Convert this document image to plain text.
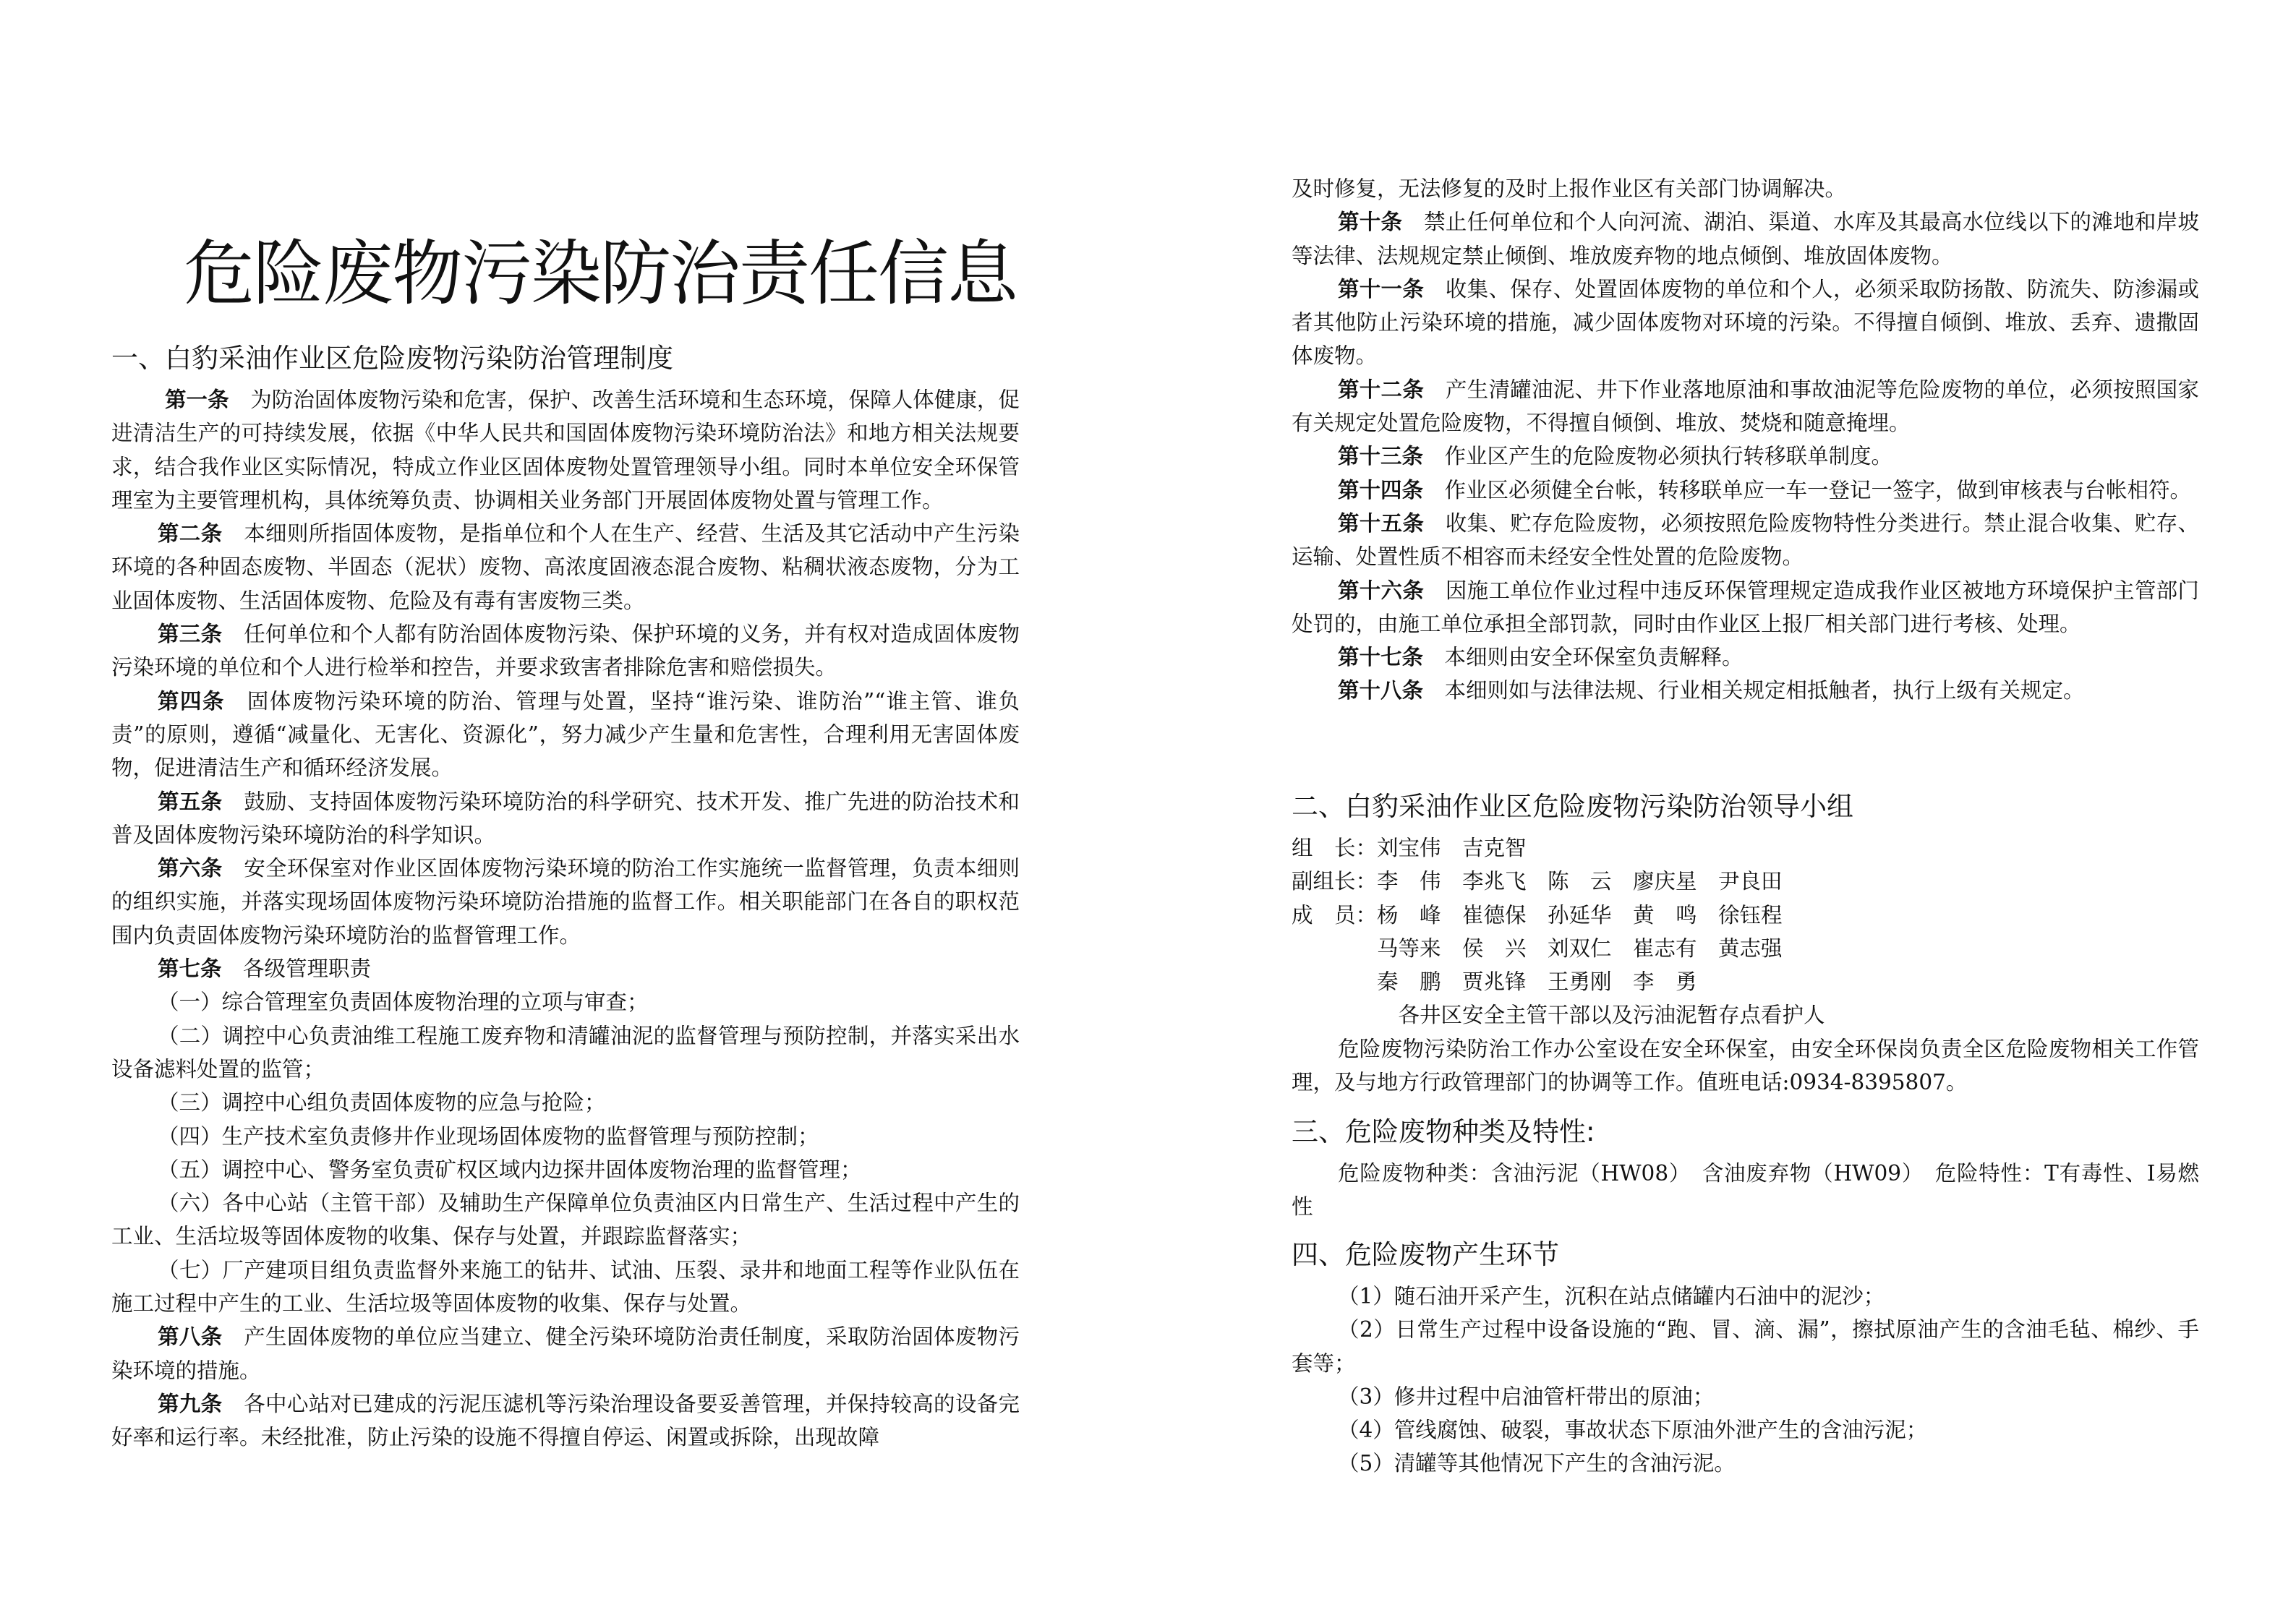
危险废物污染防治责任信息
一、白豹采油作业区危险废物污染防治管理制度

第一条　 为防治固体废物污染和危害，保护、改善生活环境和生态环境，保障人体健康，促进清洁生产的可持续发展，依据《中华人民共和国固体废物污染环境防治法》和地方相关法规要求，结合我作业区实际情况，特成立作业区固体废物处置管理领导小组。同时本单位安全环保管理室为主要管理机构，具体统筹负责、协调相关业务部门开展固体废物处置与管理工作。

第二条　 本细则所指固体废物，是指单位和个人在生产、经营、生活及其它活动中产生污染环境的各种固态废物、半固态（泥状）废物、高浓度固液态混合废物、粘稠状液态废物，分为工业固体废物、生活固体废物、危险及有毒有害废物三类。

第三条　 任何单位和个人都有防治固体废物污染、保护环境的义务，并有权对造成固体废物污染环境的单位和个人进行检举和控告，并要求致害者排除危害和赔偿损失。

第四条　 固体废物污染环境的防治、管理与处置，坚持“谁污染、谁防治”“谁主管、谁负责”的原则，遵循“减量化、无害化、资源化”，努力减少产生量和危害性，合理利用无害固体废物，促进清洁生产和循环经济发展。

第五条　 鼓励、支持固体废物污染环境防治的科学研究、技术开发、推广先进的防治技术和普及固体废物污染环境防治的科学知识。

第六条　 安全环保室对作业区固体废物污染环境的防治工作实施统一监督管理，负责本细则的组织实施，并落实现场固体废物污染环境防治措施的监督工作。相关职能部门在各自的职权范围内负责固体废物污染环境防治的监督管理工作。

第七条　 各级管理职责

（一）综合管理室负责固体废物治理的立项与审查；

（二）调控中心负责油维工程施工废弃物和清罐油泥的监督管理与预防控制，并落实采出水设备滤料处置的监管；

（三）调控中心组负责固体废物的应急与抢险；

（四）生产技术室负责修井作业现场固体废物的监督管理与预防控制；

（五）调控中心、警务室负责矿权区域内边探井固体废物治理的监督管理；

（六）各中心站（主管干部）及辅助生产保障单位负责油区内日常生产、生活过程中产生的工业、生活垃圾等固体废物的收集、保存与处置，并跟踪监督落实；

（七）厂产建项目组负责监督外来施工的钻井、试油、压裂、录井和地面工程等作业队伍在施工过程中产生的工业、生活垃圾等固体废物的收集、保存与处置。

第八条　 产生固体废物的单位应当建立、健全污染环境防治责任制度，采取防治固体废物污染环境的措施。

第九条　 各中心站对已建成的污泥压滤机等污染治理设备要妥善管理，并保持较高的设备完好率和运行率。未经批准，防止污染的设施不得擅自停运、闲置或拆除，出现故障

及时修复，无法修复的及时上报作业区有关部门协调解决。

第十条　 禁止任何单位和个人向河流、湖泊、渠道、水库及其最高水位线以下的滩地和岸坡等法律、法规规定禁止倾倒、堆放废弃物的地点倾倒、堆放固体废物。

第十一条　 收集、保存、处置固体废物的单位和个人，必须采取防扬散、防流失、防渗漏或者其他防止污染环境的措施，减少固体废物对环境的污染。不得擅自倾倒、堆放、丢弃、遗撒固体废物。

第十二条　 产生清罐油泥、井下作业落地原油和事故油泥等危险废物的单位，必须按照国家有关规定处置危险废物，不得擅自倾倒、堆放、焚烧和随意掩埋。

第十三条　 作业区产生的危险废物必须执行转移联单制度。

第十四条　 作业区必须健全台帐，转移联单应一车一登记一签字，做到审核表与台帐相符。

第十五条　 收集、贮存危险废物，必须按照危险废物特性分类进行。禁止混合收集、贮存、运输、处置性质不相容而未经安全性处置的危险废物。

第十六条　 因施工单位作业过程中违反环保管理规定造成我作业区被地方环境保护主管部门处罚的，由施工单位承担全部罚款，同时由作业区上报厂相关部门进行考核、处理。

第十七条　 本细则由安全环保室负责解释。

第十八条　 本细则如与法律法规、行业相关规定相抵触者，执行上级有关规定。

二、白豹采油作业区危险废物污染防治领导小组

组　长：刘宝伟　吉克智

副组长：李　伟　李兆飞　陈　云　廖庆星　尹良田

成　员：杨　峰　崔德保　孙延华　黄　鸣　徐钰程

　　　　马等来　侯　兴　刘双仁　崔志有　黄志强

　　　　秦　鹏　贾兆锋　王勇刚　李　勇

　　　　　各井区安全主管干部以及污油泥暂存点看护人

危险废物污染防治工作办公室设在安全环保室，由安全环保岗负责全区危险废物相关工作管理，及与地方行政管理部门的协调等工作。值班电话:0934-8395807。

三、危险废物种类及特性:

危险废物种类：含油污泥（HW08）　含油废弃物（HW09）　危险特性：T有毒性、I易燃性

四、危险废物产生环节

（1）随石油开采产生，沉积在站点储罐内石油中的泥沙；

（2）日常生产过程中设备设施的“跑、冒、滴、漏”，擦拭原油产生的含油毛毡、棉纱、手套等；

（3）修井过程中启油管杆带出的原油；

（4）管线腐蚀、破裂，事故状态下原油外泄产生的含油污泥；

（5）清罐等其他情况下产生的含油污泥。
